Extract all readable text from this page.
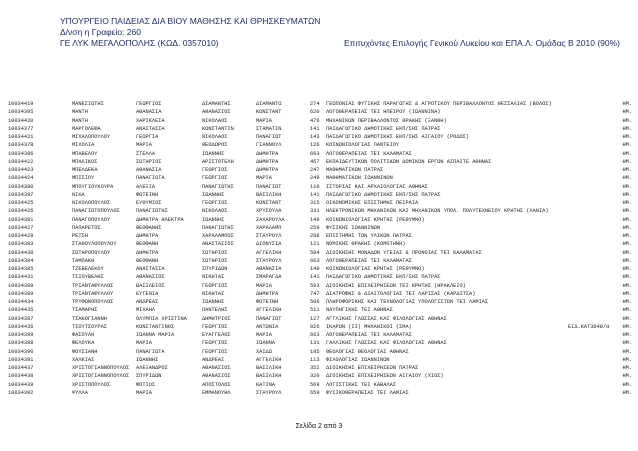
ΥΠΟΥΡΓΕΙΟ ΠΑΙΔΕΙΑΣ ΔΙΑ ΒΙΟΥ ΜΑΘΗΣΗΣ ΚΑΙ ΘΡΗΣΚΕΥΜΑΤΩΝ
Δ/νση η Γραφείο: 260
ΓΕ ΛΥΚ ΜΕΓΑΛΟΠΟΛΗΣ (ΚΩΔ. 0357010)	Επιτυχόντες Επιλογής Γενικού Λυκείου και ΕΠΑ.Λ. Ομάδας Β 2010 (90%)
10034419	ΜΑΝΕΣΙΩΤΗΣ	ΓΕΩΡΓΙΟΣ	ΔΙΑΜΑΝΤΗΣ	ΔΙΑΜΑΝΤΩ	274	ΓΕΩΠΟΝΙΑΣ ΦΥΤΙΚΗΣ ΠΑΡΑΓΩΓΗΣ & ΑΓΡΟΤΙΚΟΥ ΠΕΡΙΒΑΛΛΟΝΤΟΣ ΘΕΣΣΑΛΙΑΣ (ΒΟΛΟΣ)	ΗΜ.
10034395	ΜΑΝΤΗ	ΑΘΑΝΑΣΙΑ	ΑΘΑΝΑΣΙΟΣ	ΚΩΝΣΤΑΝΤ	620	ΛΟΓΟΘΕΡΑΠΕΙΑΣ ΤΕΙ ΗΠΕΙΡΟΥ (ΙΩΑΝΝΙΝΑ)	ΗΜ.
10034420	ΜΑΝΤΗ	ΧΑΡΙΚΛΕΙΑ	ΝΙΚΟΛΑΟΣ	ΜΑΡΙΑ	476	ΜΗΧΑΝΙΚΩΝ ΠΕΡΙΒΑΛΛΟΝΤΟΣ ΘΡΑΚΗΣ (ΞΑΝΘΗ)	ΗΜ.
10034377	ΜΑΡΓΟΛΕΦΑ	ΑΝΑΣΤΑΣΙΑ	ΚΩΝΣΤΑΝΤΙΝ	ΣΤΑΜΑΤΙΝ	141	ΠΑΙΔΑΓΩΓΙΚΟ ΔΗΜΟΤΙΚΗΣ ΕΚΠ/ΣΗΣ ΠΑΤΡΑΣ	ΗΜ.
10034421	ΜΙΧΑΛΟΠΟΥΛΟΥ	ΓΕΩΡΓΙΑ	ΝΙΚΟΛΑΟΣ	ΠΑΝΑΓΙΩΤ	143	ΠΑΙΔΑΓΩΓΙΚΟ ΔΗΜΟΤΙΚΗΣ ΕΚΠ/ΣΗΣ ΑΙΓΑΙΟΥ (ΡΟΔΟΣ)	ΗΜ.
10034378	ΜΙΧΟΛΙΑ	ΜΑΡΙΑ	ΘΕΟΔΩΡΟΣ	ΓΙΑΝΝΟΥΛ	126	ΚΟΙΝΩΝΙΟΛΟΓΙΑΣ ΠΑΝΤΕΙΟΥ	ΗΜ.
10034396	ΜΠΑΒΕΛΟΥ	ΣΤΕΛΛΑ	ΙΩΑΝΝΗΣ	ΔΗΜΗΤΡΑ	663	ΛΟΓΟΘΕΡΑΠΕΙΑΣ ΤΕΙ ΚΑΛΑΜΑΤΑΣ	ΗΜ.
10034422	ΜΠΑΛΙΚΟΣ	ΣΩΤΗΡΙΟΣ	ΑΡΙΣΤΟΤΕΛΗ	ΔΗΜΗΤΡΑ	457	ΕΚΠΑΙΔΕΥΤΙΚΩΝ ΠΟΛΙΤΙΚΩΝ ΔΟΜΙΚΩΝ ΕΡΓΩΝ ΑΣΠΑΙΤΕ ΑΘΗΝΑΣ	ΗΜ.
10034423	ΜΠΕΛΔΕΚΑ	ΑΘΑΝΑΣΙΑ	ΓΕΩΡΓΙΟΣ	ΔΗΜΗΤΡΑ	247	ΜΑΘΗΜΑΤΙΚΩΝ ΠΑΤΡΑΣ	ΗΜ.
10034424	ΜΠΙΣΙΟΥ	ΠΑΝΑΓΙΩΤΑ	ΓΕΩΡΓΙΟΣ	ΜΑΡΙΑ	249	ΜΑΘΗΜΑΤΙΚΩΝ ΙΩΑΝΝΙΝΩΝ	ΗΜ.
10034380	ΜΠΟΥΓΙΟΥΚΟΥΡΑ	ΑΛΕΞΙΑ	ΠΑΝΑΓΙΩΤΗΣ	ΠΑΝΑΓΙΩΤ	110	ΙΣΤΟΡΙΑΣ ΚΑΙ ΑΡΧΑΙΟΛΟΓΙΑΣ ΑΘΗΝΑΣ	ΗΜ.
10034397	ΝΙΚΑ	ΦΩΤΕΙΝΗ	ΙΩΑΝΝΗΣ	ΒΑΣΙΛΙΚΗ	141	ΠΑΙΔΑΓΩΓΙΚΟ ΔΗΜΟΤΙΚΗΣ ΕΚΠ/ΣΗΣ ΠΑΤΡΑΣ	ΗΜ.
10034425	ΝΙΚΟΛΟΠΟΥΛΟΣ	ΕΥΘΥΜΙΟΣ	ΓΕΩΡΓΙΟΣ	ΚΩΝΣΤΑΝΤ	315	ΟΙΚΟΝΟΜΙΚΗΣ ΕΠΙΣΤΗΜΗΣ ΠΕΙΡΑΙΑ	ΗΜ.
10034426	ΠΑΝΑΓΙΩΤΟΠΟΥΛΟΣ	ΠΑΝΑΓΙΩΤΗΣ	ΝΙΚΟΛΑΟΣ	ΧΡΥΣΟΥΛΑ	331	ΗΛΕΚΤΡΟΝΙΚΩΝ ΜΗΧΑΝΙΚΩΝ ΚΑΙ ΜΗΧΑΝΙΚΩΝ ΥΠΟΛ. ΠΟΛΥΤΕΧΝΕΙΟΥ ΚΡΗΤΗΣ (ΧΑΝΙΑ)	ΗΜ.
10034381	ΠΑΝΑΓΟΠΟΥΛΟΥ	ΔΗΜΗΤΡΑ ΗΛΕΚΤΡΑ	ΙΩΑΝΝΗΣ	ΖΑΧΑΡΟΥΛΑ	149	ΚΟΙΝΩΝΙΟΛΟΓΙΑΣ ΚΡΗΤΗΣ (ΡΕΘΥΜΝΟ)	ΗΜ.
10034427	ΠΑΠΑΡΕΤΟΣ	ΘΕΟΦΑΝΗΣ	ΠΑΝΑΓΙΩΤΗΣ	ΧΑΡΑΛΑΜΠ	259	ΦΥΣΙΚΗΣ ΙΩΑΝΝΙΝΩΝ	ΗΜ.
10034428	ΡΕΤΣΗ	ΔΗΜΗΤΡΑ	ΧΑΡΑΛΑΜΠΟΣ	ΣΤΑΥΡΟΥΛ	288	ΕΠΙΣΤΗΜΗΣ ΤΩΝ ΥΛΙΚΩΝ ΠΑΤΡΑΣ	ΗΜ.
10034383	ΣΤΑΘΟΥΛΟΠΟΥΛΟΥ	ΘΕΟΦΑΝΗ	ΑΝΑΣΤΑΣΙΟΣ	ΔΙΟΝΥΣΙΑ	121	ΝΟΜΙΚΗΣ ΘΡΑΚΗΣ (ΚΟΜΟΤΗΝΗ)	ΗΜ.
10034430	ΣΩΤΗΡΟΠΟΥΛΟΥ	ΔΗΜΗΤΡΑ	ΣΩΤΗΡΙΟΣ	ΑΓΓΕΛΙΚΗ	594	ΔΙΟΙΚΗΣΗΣ ΜΟΝΑΔΩΝ ΥΓΕΙΑΣ & ΠΡΟΝΟΙΑΣ ΤΕΙ ΚΑΛΑΜΑΤΑΣ	ΗΜ.
10034384	ΤΑΜΠΑΚΗ	ΘΕΟΦΑΝΗ	ΣΩΤΗΡΙΟΣ	ΣΤΑΥΡΟΥΛ	663	ΛΟΓΟΘΕΡΑΠΕΙΑΣ ΤΕΙ ΚΑΛΑΜΑΤΑΣ	ΗΜ.
10034385	ΤΖΕΒΕΛΕΚΟΥ	ΑΝΑΣΤΑΣΙΑ	ΣΠΥΡΙΔΩΝ	ΑΘΑΝΑΣΙΑ	149	ΚΟΙΝΩΝΙΟΛΟΓΙΑΣ ΚΡΗΤΗΣ (ΡΕΘΥΜΝΟ)	ΗΜ.
10034431	ΤΣΙΟΥΒΕΛΗΣ	ΑΘΑΝΑΣΙΟΣ	ΝΙΚΗΤΑΣ	ΣΜΑΡΑΓΔΑ	141	ΠΑΙΔΑΓΩΓΙΚΟ ΔΗΜΟΤΙΚΗΣ ΕΚΠ/ΣΗΣ ΠΑΤΡΑΣ	ΗΜ.
10034398	ΤΡΙΑΝΤΑΦΥΛΛΟΣ	ΒΑΣΙΛΕΙΟΣ	ΓΕΩΡΓΙΟΣ	ΜΑΡΙΑ	593	ΔΙΟΙΚΗΣΗΣ ΕΠΙΧΕΙΡΗΣΕΩΝ ΤΕΙ ΚΡΗΤΗΣ (ΗΡΑΚΛΕΙΟ)	ΗΜ.
10034399	ΤΡΙΑΝΤΑΦΥΛΛΟΥ	ΕΥΓΕΝΙΑ	ΝΙΚΗΤΑΣ	ΔΗΜΗΤΡΑ	747	ΔΙΑΤΡΟΦΗΣ & ΔΙΑΙΤΟΛΟΓΙΑΣ ΤΕΙ ΛΑΡΙΣΑΣ (ΚΑΡΔΙΤΣΑ)	ΗΜ.
10034434	ΤΡΥΦΩΝΟΠΟΥΛΟΣ	ΑΝΔΡΕΑΣ	ΙΩΑΝΝΗΣ	ΦΩΤΕΙΝΗ	506	ΠΛΗΡΟΦΟΡΙΚΗΣ ΚΑΙ ΤΕΧΝΟΛΟΓΙΑΣ ΥΠΟΛΟΓΙΣΤΩΝ ΤΕΙ ΛΑΜΙΑΣ	ΗΜ.
10034435	ΤΣΑΜΑΡΗΣ	ΜΙΧΑΗΛ	ΠΑΝΤΕΛΗΣ	ΑΓΓΕΛΙΚΗ	511	ΝΑΥΠΗΓΙΚΗΣ ΤΕΙ ΑΘΗΝΑΣ	ΗΜ.
10034387	ΤΣΑΚΟΓΙΑΝΝΗ	ΟΛΥΜΠΙΑ ΧΡΙΣΤΙΝΑ	ΔΗΜΗΤΡΙΟΣ	ΠΑΝΑΓΙΩΤ	127	ΑΓΓΛΙΚΗΣ ΓΛΩΣΣΑΣ ΚΑΙ ΦΙΛΟΛΟΓΙΑΣ ΑΘΗΝΑΣ	ΗΜ.
10034436	ΤΣΟΥΤΣΟΥΡΑΣ	ΚΩΝΣΤΑΝΤΙΝΟΣ	ΓΕΩΡΓΙΟΣ	ΑΝΤΩΝΙΑ	826	ΙΚΑΡΩΝ (II) ΜΗΧΑΝΙΚΟΙ (ΣΜΑ)	ΕΙΔ.ΚΑΤ3648/α	ΗΜ.
10034399	ΦΑΣΟΥΛΗ	ΙΩΑΝΝΑ ΜΑΡΙΑ	ΕΥΑΓΓΕΛΟΣ	ΜΑΡΙΑ	663	ΛΟΓΟΘΕΡΑΠΕΙΑΣ ΤΕΙ ΚΑΛΑΜΑΤΑΣ	ΗΜ.
10034388	ΦΕΛΟΥΚΑ	ΜΑΡΙΑ	ΓΕΩΡΓΙΟΣ	ΙΩΑΝΝΑ	131	ΓΑΛΛΙΚΗΣ ΓΛΩΣΣΑΣ ΚΑΙ ΦΙΛΟΛΟΓΙΑΣ ΑΘΗΝΑΣ	ΗΜ.
10034390	ΦΟΥΣΙΑΝΗ	ΠΑΝΑΓΙΩΤΑ	ΓΕΩΡΓΙΟΣ	ΧΑΙΔΩ	105	ΘΕΟΛΟΓΙΑΣ ΘΕΟΛΟΓΙΑΣ ΑΘΗΝΑΣ	ΗΜ.
10034391	ΧΑΛΚΙΑΣ	ΙΩΑΝΝΗΣ	ΑΝΔΡΕΑΣ	ΑΓΓΕΛΙΚΗ	113	ΦΙΛΟΛΟΓΙΑΣ ΙΩΑΝΝΙΝΩΝ	ΗΜ.
10034437	ΧΡΙΣΤΟΓΙΑΝΝΟΠΟΥΛΟΣ	ΑΛΕΞΑΝΔΡΟΣ	ΑΘΑΝΑΣΙΟΣ	ΒΑΣΙΛΙΚΗ	352	ΔΙΟΙΚΗΣΗΣ ΕΠΙΧΕΙΡΗΣΕΩΝ ΠΑΤΡΑΣ	ΗΜ.
10034438	ΧΡΙΣΤΟΓΙΑΝΝΟΠΟΥΛΟΣ	ΣΠΥΡΙΔΩΝ	ΑΘΑΝΑΣΙΟΣ	ΒΑΣΙΛΙΚΗ	320	ΔΙΟΙΚΗΣΗΣ ΕΠΙΧΕΙΡΗΣΕΩΝ ΑΙΓΑΙΟΥ (ΧΙΟΣ)	ΗΜ.
10034439	ΧΡΙΣΤΟΠΟΥΛΟΣ	ΦΩΤΙΟΣ	ΑΠΟΣΤΟΛΟΣ	ΚΑΤΙΝΑ	569	ΛΟΓΙΣΤΙΚΗΣ ΤΕΙ ΚΑΒΑΛΑΣ	ΗΜ.
10034392	ΨΥΛΛΑ	ΜΑΡΙΑ	ΕΜΜΑΝΟΥΗΛ	ΣΤΑΥΡΟΥΛ	659	ΦΥΣΙΚΟΘΕΡΑΠΕΙΑΣ ΤΕΙ ΛΑΜΙΑΣ	ΗΜ.
Σελίδα 2 από 3
